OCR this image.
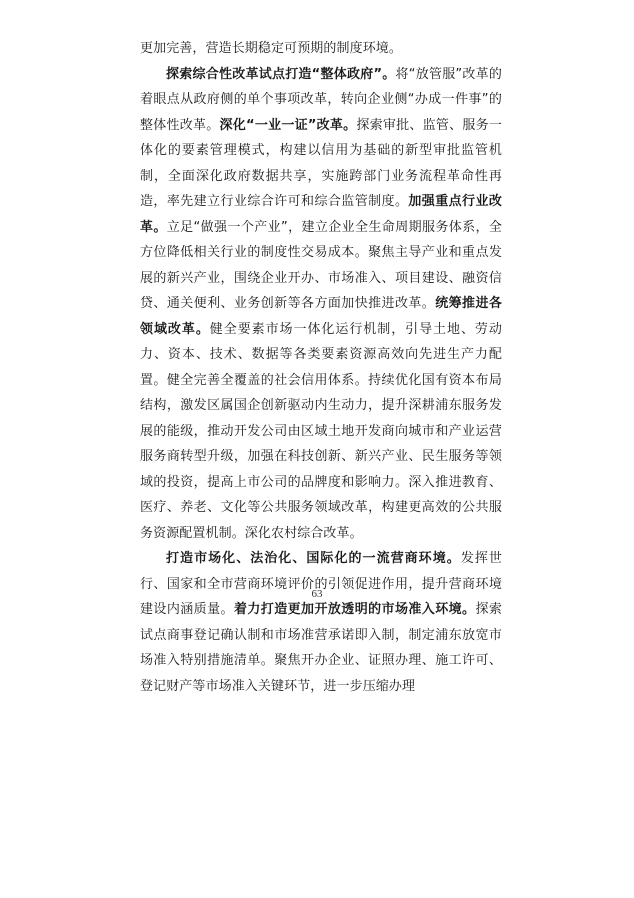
更加完善，营造长期稳定可预期的制度环境。

探索综合性改革试点打造“整体政府”。将“放管服”改革的着眼点从政府侧的单个事项改革，转向企业侧“办成一件事”的整体性改革。深化“一业一证”改革。探索审批、监管、服务一体化的要素管理模式，构建以信用为基础的新型审批监管机制，全面深化政府数据共享，实施跨部门业务流程革命性再造，率先建立行业综合许可和综合监管制度。加强重点行业改革。立足“做强一个产业”，建立企业全生命周期服务体系，全方位降低相关行业的制度性交易成本。聚焦主导产业和重点发展的新兴产业，围绕企业开办、市场准入、项目建设、融资信贷、通关便利、业务创新等各方面加快推进改革。统筹推进各领域改革。健全要素市场一体化运行机制，引导土地、劳动力、资本、技术、数据等各类要素资源高效向先进生产力配置。健全完善全覆盖的社会信用体系。持续优化国有资本布局结构，激发区属国企创新驱动内生动力，提升深耕浦东服务发展的能级，推动开发公司由区域土地开发商向城市和产业运营服务商转型升级，加强在科技创新、新兴产业、民生服务等领域的投资，提高上市公司的品牌度和影响力。深入推进教育、医疗、养老、文化等公共服务领域改革，构建更高效的公共服务资源配置机制。深化农村综合改革。

打造市场化、法治化、国际化的一流营商环境。发挥世行、国家和全市营商环境评价的引领促进作用，提升营商环境建设内涵质量。着力打造更加开放透明的市场准入环境。探索试点商事登记确认制和市场准营承诺即入制，制定浦东放宽市场准入特别措施清单。聚焦开办企业、证照办理、施工许可、登记财产等市场准入关键环节，进一步压缩办理

63
